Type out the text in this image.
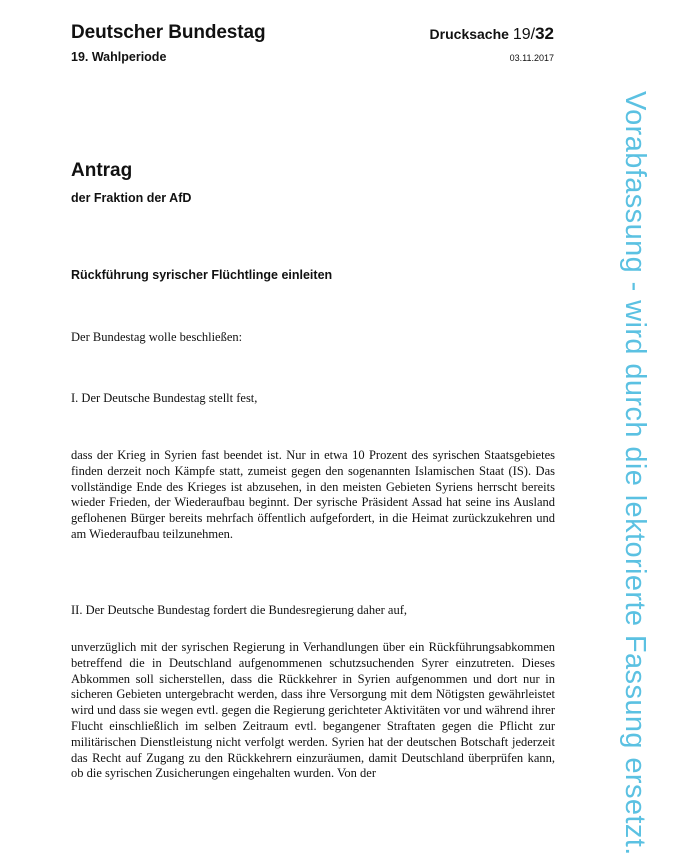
Deutscher Bundestag
19. Wahlperiode
Drucksache 19/32
03.11.2017
Antrag
der Fraktion der AfD
Rückführung syrischer Flüchtlinge einleiten
Der Bundestag wolle beschließen:
I. Der Deutsche Bundestag stellt fest,
dass der Krieg in Syrien fast beendet ist. Nur in etwa 10 Prozent des syrischen Staatsgebietes finden derzeit noch Kämpfe statt, zumeist gegen den sogenannten Islamischen Staat (IS). Das vollständige Ende des Krieges ist abzusehen, in den meisten Gebieten Syriens herrscht bereits wieder Frieden, der Wiederaufbau beginnt. Der syrische Präsident Assad hat seine ins Ausland geflohenen Bürger bereits mehrfach öffentlich aufgefordert, in die Heimat zurückzukehren und am Wiederaufbau teilzunehmen.
II. Der Deutsche Bundestag fordert die Bundesregierung daher auf,
unverzüglich mit der syrischen Regierung in Verhandlungen über ein Rückführungsabkommen betreffend die in Deutschland aufgenommenen schutzsuchenden Syrer einzutreten. Dieses Abkommen soll sicherstellen, dass die Rückkehrer in Syrien aufgenommen und dort nur in sicheren Gebieten untergebracht werden, dass ihre Versorgung mit dem Nötigsten gewährleistet wird und dass sie wegen evtl. gegen die Regierung gerichteter Aktivitäten vor und während ihrer Flucht einschließlich im selben Zeitraum evtl. begangener Straftaten gegen die Pflicht zur militärischen Dienstleistung nicht verfolgt werden. Syrien hat der deutschen Botschaft jederzeit das Recht auf Zugang zu den Rückkehrern einzuräumen, damit Deutschland überprüfen kann, ob die syrischen Zusicherungen eingehalten wurden. Von der	Vorabfassung - wird durch die lektorierte Fassung ersetzt.
